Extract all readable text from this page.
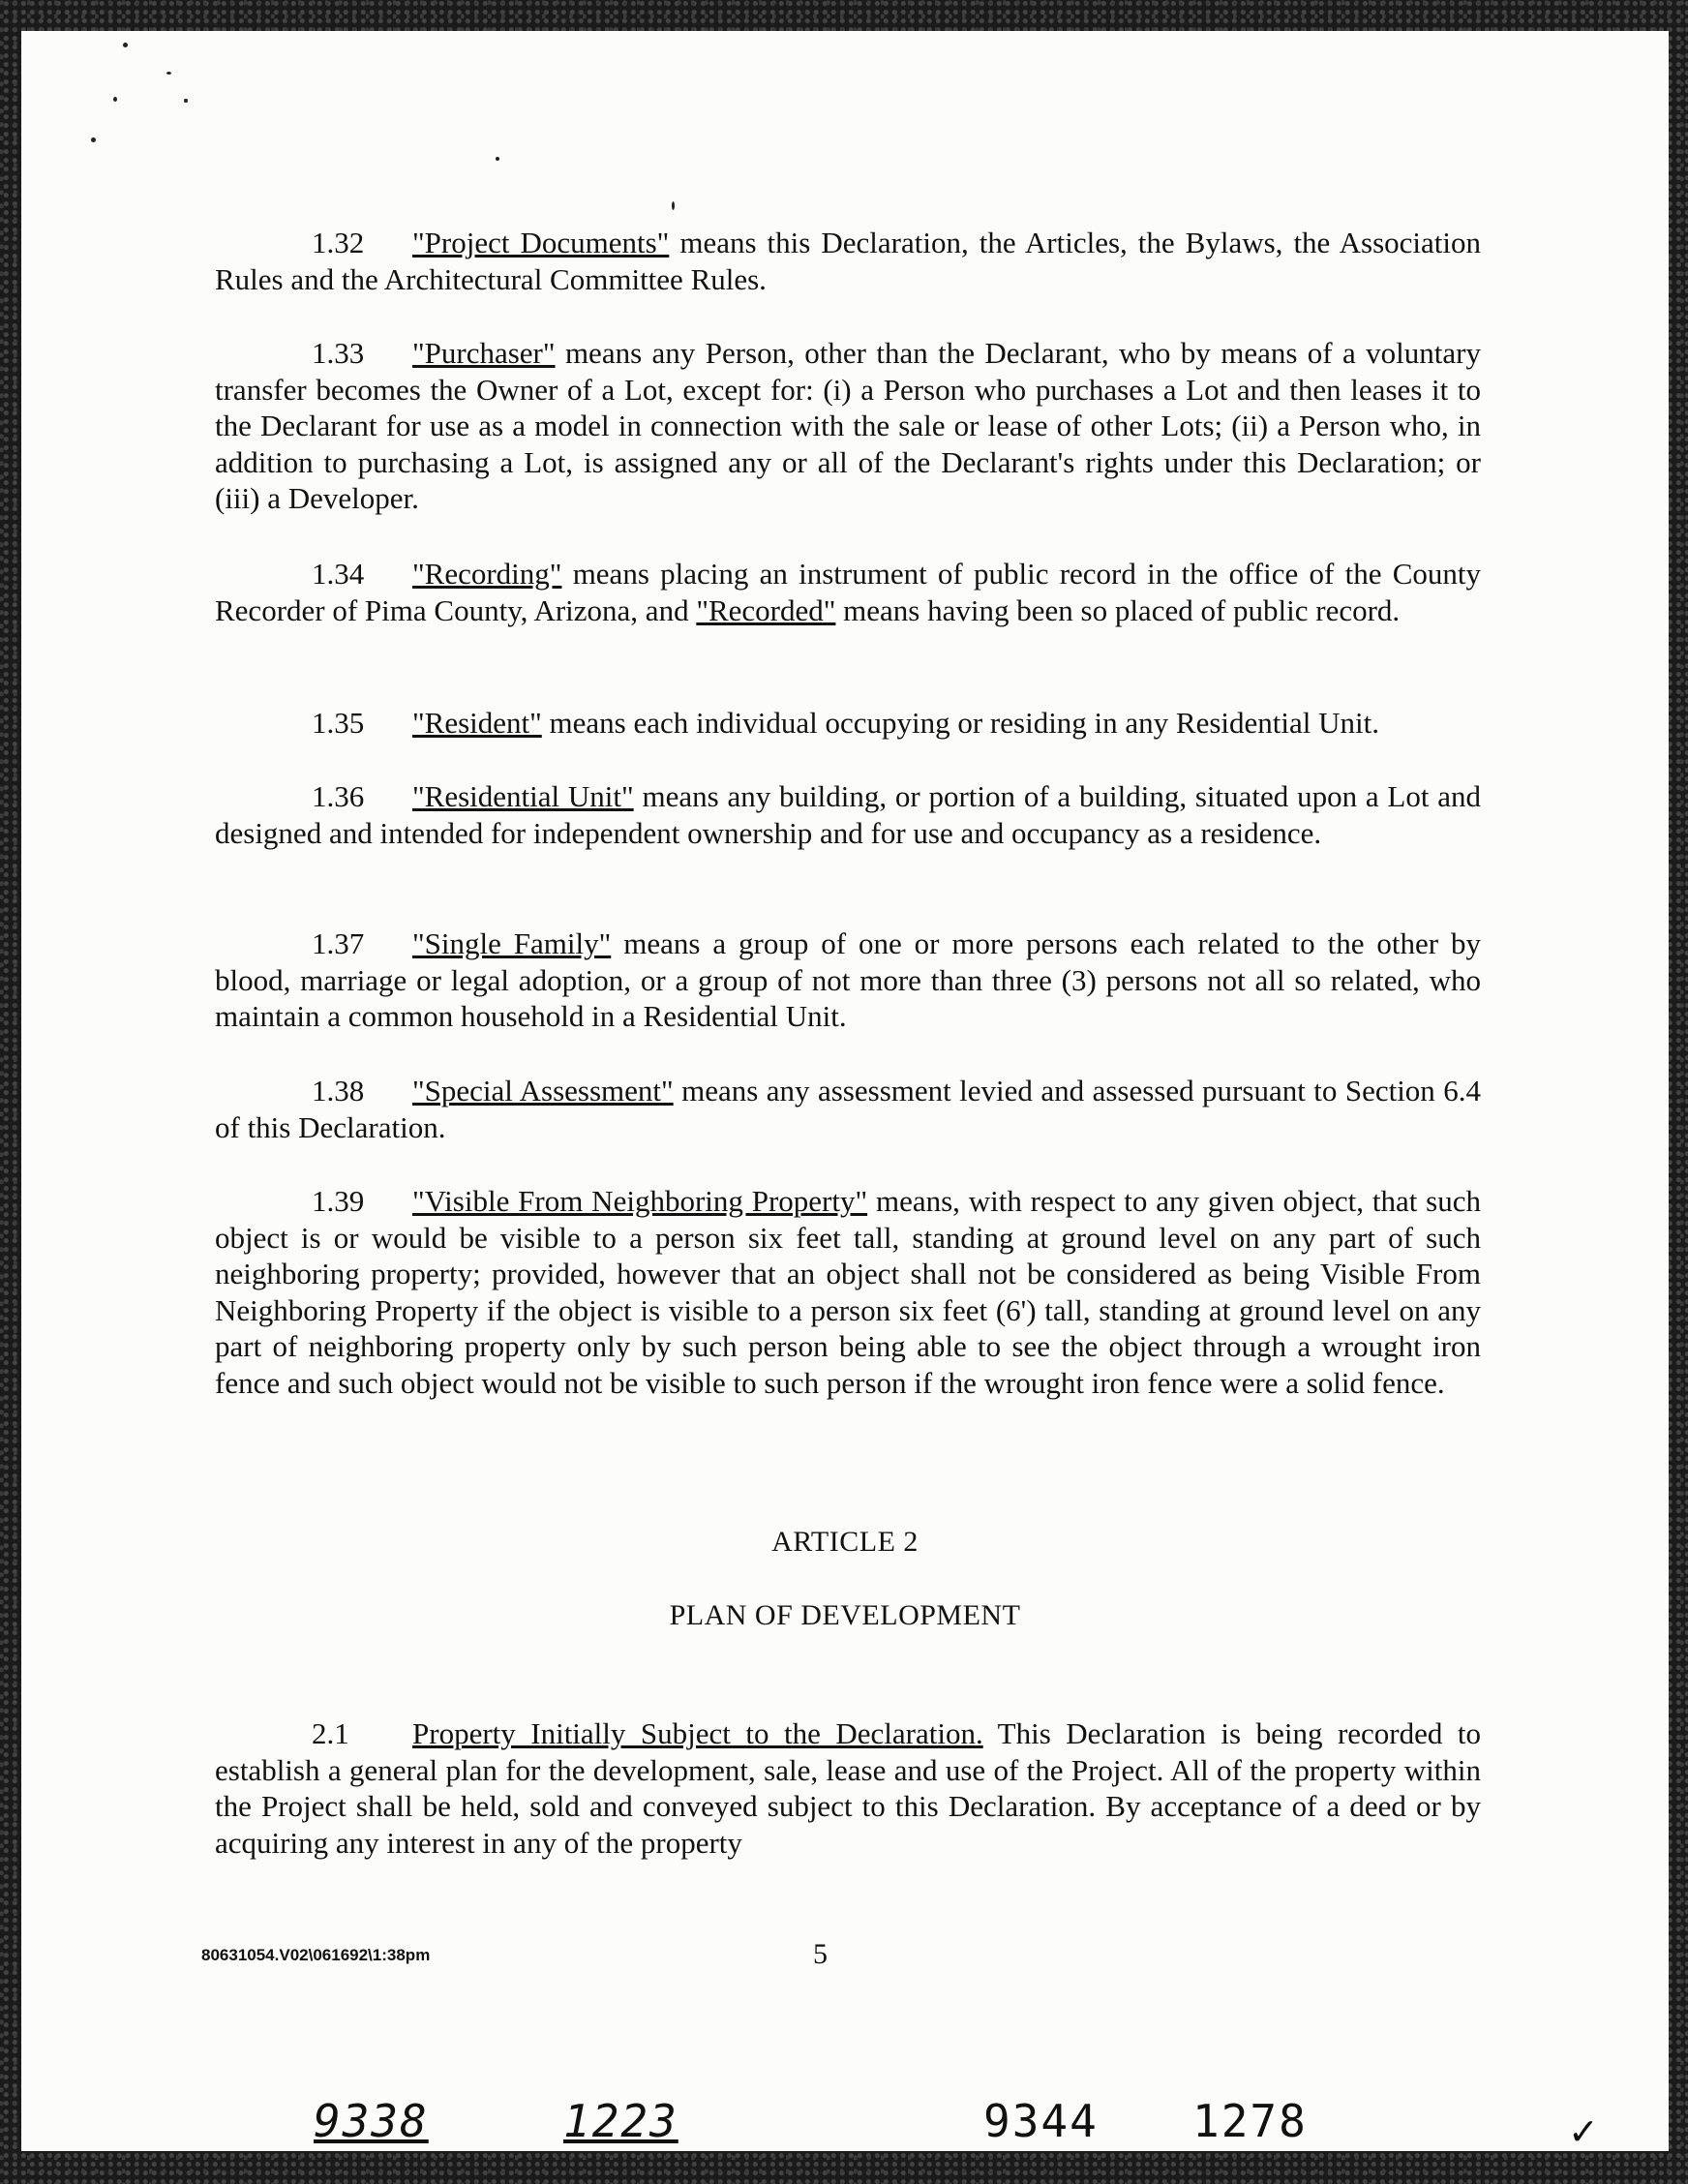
1.32 "Project Documents" means this Declaration, the Articles, the Bylaws, the Association Rules and the Architectural Committee Rules.

1.33 "Purchaser" means any Person, other than the Declarant, who by means of a voluntary transfer becomes the Owner of a Lot, except for: (i) a Person who purchases a Lot and then leases it to the Declarant for use as a model in connection with the sale or lease of other Lots; (ii) a Person who, in addition to purchasing a Lot, is assigned any or all of the Declarant's rights under this Declaration; or (iii) a Developer.

1.34 "Recording" means placing an instrument of public record in the office of the County Recorder of Pima County, Arizona, and "Recorded" means having been so placed of public record.

1.35 "Resident" means each individual occupying or residing in any Residential Unit.

1.36 "Residential Unit" means any building, or portion of a building, situated upon a Lot and designed and intended for independent ownership and for use and occupancy as a residence.

1.37 "Single Family" means a group of one or more persons each related to the other by blood, marriage or legal adoption, or a group of not more than three (3) persons not all so related, who maintain a common household in a Residential Unit.

1.38 "Special Assessment" means any assessment levied and assessed pursuant to Section 6.4 of this Declaration.

1.39 "Visible From Neighboring Property" means, with respect to any given object, that such object is or would be visible to a person six feet tall, standing at ground level on any part of such neighboring property; provided, however that an object shall not be considered as being Visible From Neighboring Property if the object is visible to a person six feet (6') tall, standing at ground level on any part of neighboring property only by such person being able to see the object through a wrought iron fence and such object would not be visible to such person if the wrought iron fence were a solid fence.

ARTICLE 2
PLAN OF DEVELOPMENT

2.1 Property Initially Subject to the Declaration. This Declaration is being recorded to establish a general plan for the development, sale, lease and use of the Project. All of the property within the Project shall be held, sold and conveyed subject to this Declaration. By acceptance of a deed or by acquiring any interest in any of the property

80631054.V02\061692\1:38pm	5
9338	1223	9344 1278	✓
